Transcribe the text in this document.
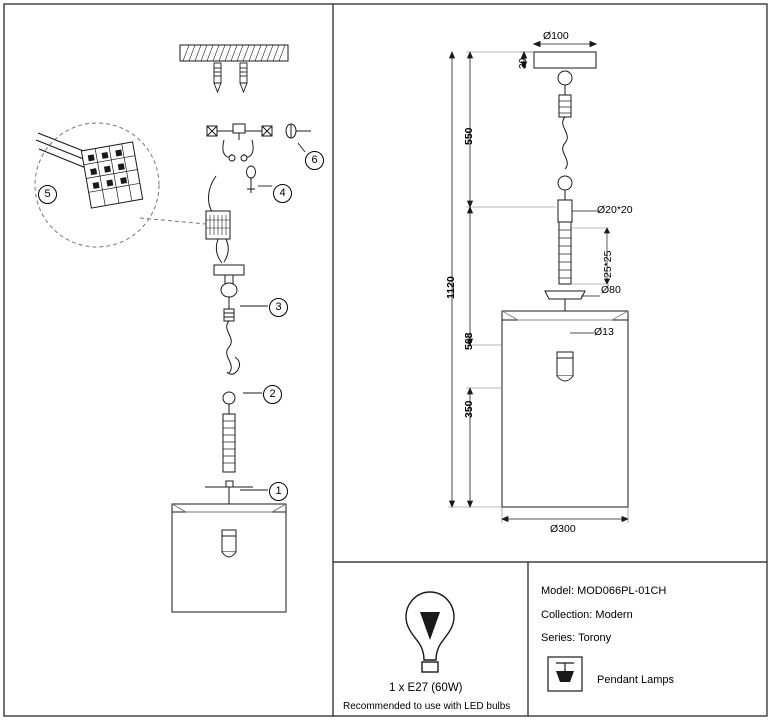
1
2
3
4
5
6
Ø100
30
550
1120
568
350
25*25
Ø20*20
Ø80
Ø13
Ø300
1 x E27 (60W)
Recommended to use with LED bulbs
Model: MOD066PL-01CH
Collection: Modern
Series: Torony
Pendant Lamps
